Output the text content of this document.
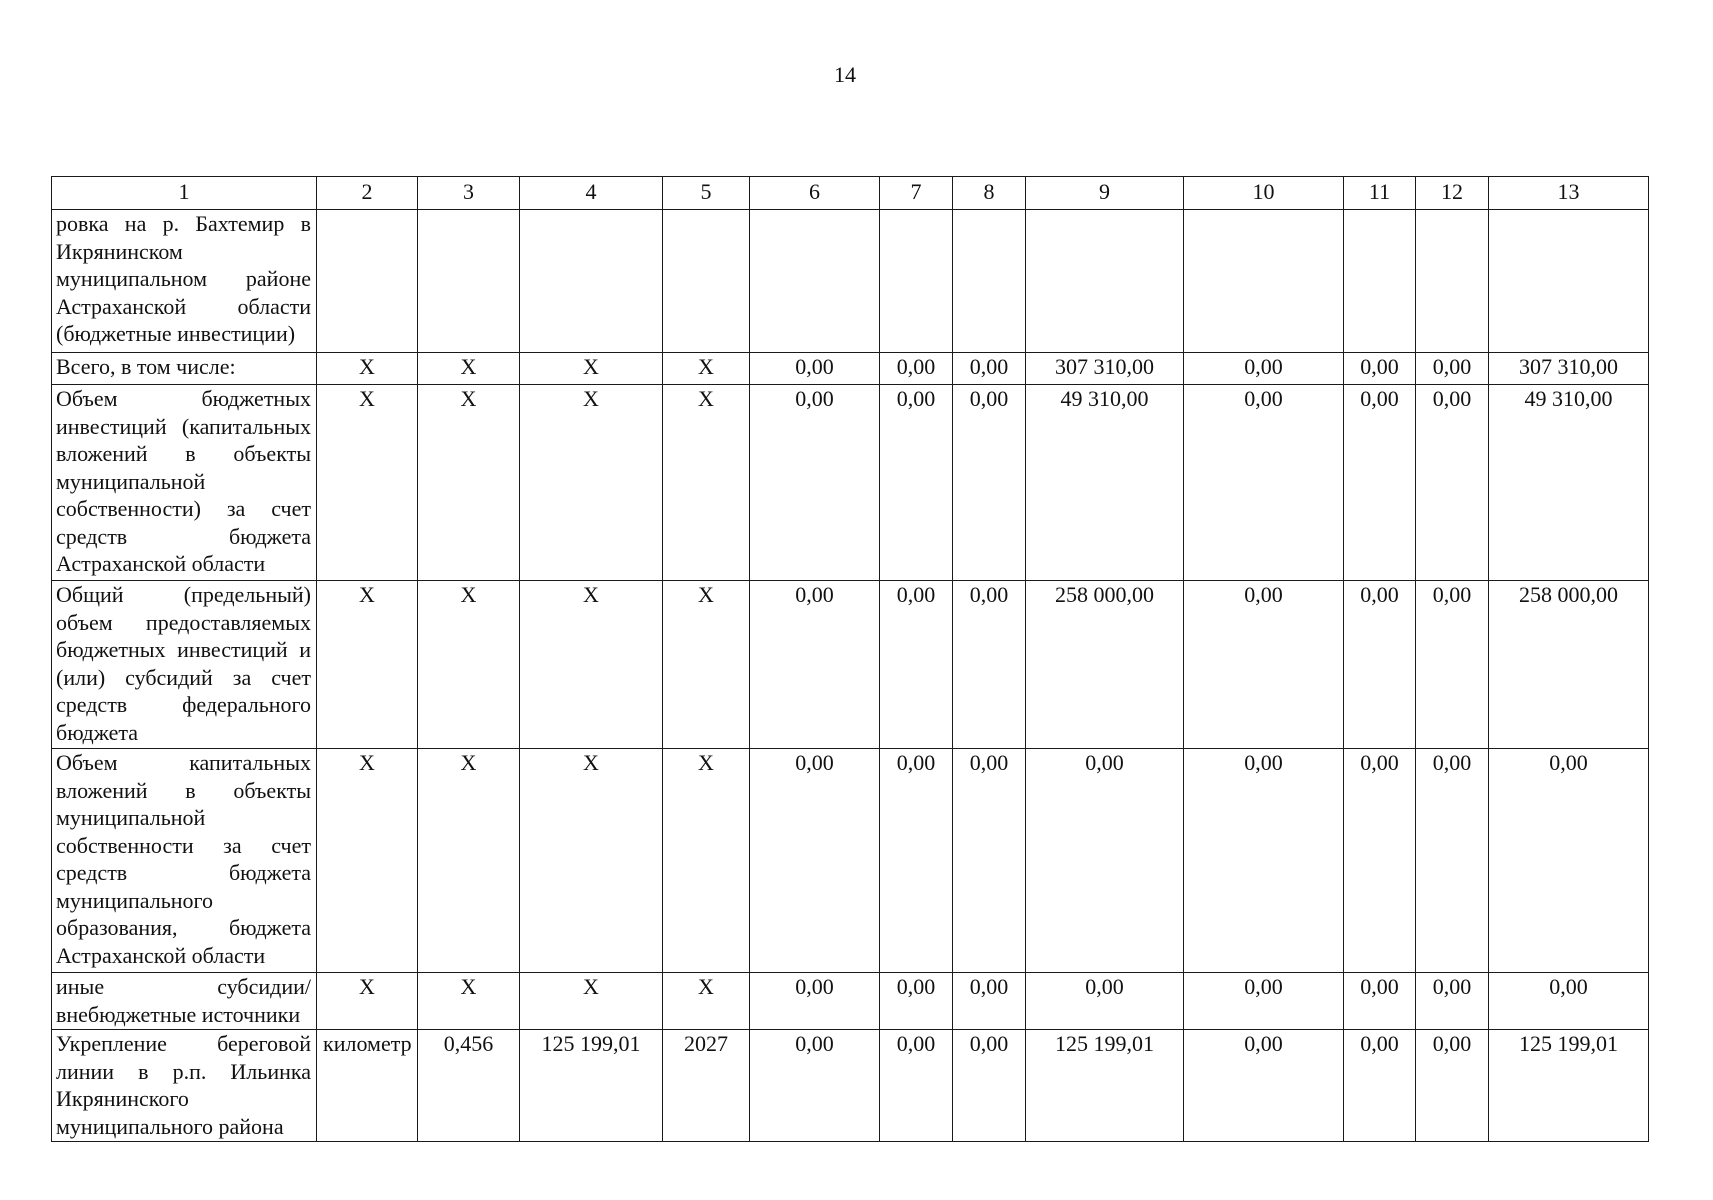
14
1	2	3	4	5	6	7	8	9	10	11	12	13
ровка на р. Бахтемир в Икрянинском муниципальном районе Астраханской области (бюджетные инвестиции)												
Всего, в том числе:	Х	Х	Х	Х	0,00	0,00	0,00	307 310,00	0,00	0,00	0,00	307 310,00
Объем бюджетных инвестиций (капитальных вложений в объекты муниципальной собственности) за счет средств бюджета Астраханской области	Х	Х	Х	Х	0,00	0,00	0,00	49 310,00	0,00	0,00	0,00	49 310,00
Общий (предельный) объем предоставляемых бюджетных инвестиций и (или) субсидий за счет средств федерального бюджета	Х	Х	Х	Х	0,00	0,00	0,00	258 000,00	0,00	0,00	0,00	258 000,00
Объем капитальных вложений в объекты муниципальной собственности за счет средств бюджета муниципального образования, бюджета Астраханской области	Х	Х	Х	Х	0,00	0,00	0,00	0,00	0,00	0,00	0,00	0,00
иные субсидии/ внебюджетные источники	Х	Х	Х	Х	0,00	0,00	0,00	0,00	0,00	0,00	0,00	0,00
Укрепление береговой линии в р.п. Ильинка Икрянинского муниципального района	километр	0,456	125 199,01	2027	0,00	0,00	0,00	125 199,01	0,00	0,00	0,00	125 199,01
